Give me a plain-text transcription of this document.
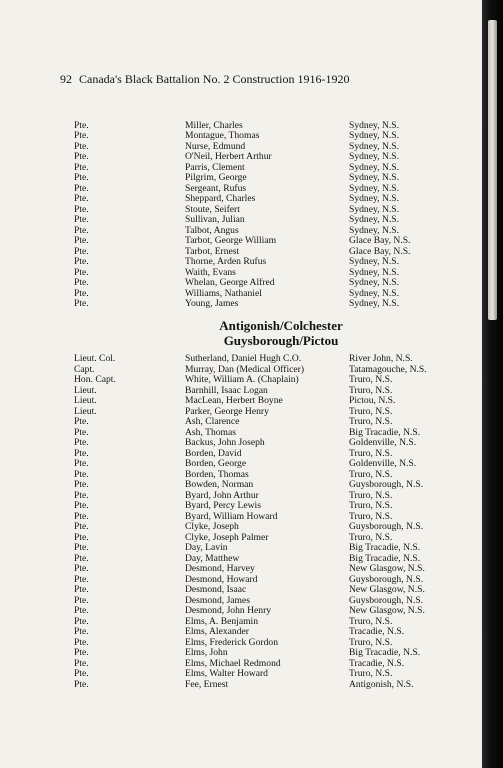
92 Canada's Black Battalion No. 2 Construction 1916-1920
Pte.	Miller, Charles	Sydney, N.S.
Pte.	Montague, Thomas	Sydney, N.S.
Pte.	Nurse, Edmund	Sydney, N.S.
Pte.	O'Neil, Herbert Arthur	Sydney, N.S.
Pte.	Parris, Clement	Sydney, N.S.
Pte.	Pilgrim, George	Sydney, N.S.
Pte.	Sergeant, Rufus	Sydney, N.S.
Pte.	Sheppard, Charles	Sydney, N.S.
Pte.	Stoute, Seifert	Sydney, N.S.
Pte.	Sullivan, Julian	Sydney, N.S.
Pte.	Talbot, Angus	Sydney, N.S.
Pte.	Tarbot, George William	Glace Bay, N.S.
Pte.	Tarbot, Ernest	Glace Bay, N.S.
Pte.	Thorne, Arden Rufus	Sydney, N.S.
Pte.	Waith, Evans	Sydney, N.S.
Pte.	Whelan, George Alfred	Sydney, N.S.
Pte.	Williams, Nathaniel	Sydney, N.S.
Pte.	Young, James	Sydney, N.S.
Antigonish/Colchester
Guysborough/Pictou
Lieut. Col.	Sutherland, Daniel Hugh C.O.	River John, N.S.
Capt.	Murray, Dan (Medical Officer)	Tatamagouche, N.S.
Hon. Capt.	White, William A. (Chaplain)	Truro, N.S.
Lieut.	Barnhill, Isaac Logan	Truro, N.S.
Lieut.	MacLean, Herbert Boyne	Pictou, N.S.
Lieut.	Parker, George Henry	Truro, N.S.
Pte.	Ash, Clarence	Truro, N.S.
Pte.	Ash, Thomas	Big Tracadie, N.S.
Pte.	Backus, John Joseph	Goldenville, N.S.
Pte.	Borden, David	Truro, N.S.
Pte.	Borden, George	Goldenville, N.S.
Pte.	Borden, Thomas	Truro, N.S.
Pte.	Bowden, Norman	Guysborough, N.S.
Pte.	Byard, John Arthur	Truro, N.S.
Pte.	Byard, Percy Lewis	Truro, N.S.
Pte.	Byard, William Howard	Truro, N.S.
Pte.	Clyke, Joseph	Guysborough, N.S.
Pte.	Clyke, Joseph Palmer	Truro, N.S.
Pte.	Day, Lavin	Big Tracadie, N.S.
Pte.	Day, Matthew	Big Tracadie, N.S.
Pte.	Desmond, Harvey	New Glasgow, N.S.
Pte.	Desmond, Howard	Guysborough, N.S.
Pte.	Desmond, Isaac	New Glasgow, N.S.
Pte.	Desmond, James	Guysborough, N.S.
Pte.	Desmond, John Henry	New Glasgow, N.S.
Pte.	Elms, A. Benjamin	Truro, N.S.
Pte.	Elms, Alexander	Tracadie, N.S.
Pte.	Elms, Frederick Gordon	Truro, N.S.
Pte.	Elms, John	Big Tracadie, N.S.
Pte.	Elms, Michael Redmond	Tracadie, N.S.
Pte.	Elms, Walter Howard	Truro, N.S.
Pte.	Fee, Ernest	Antigonish, N.S.
